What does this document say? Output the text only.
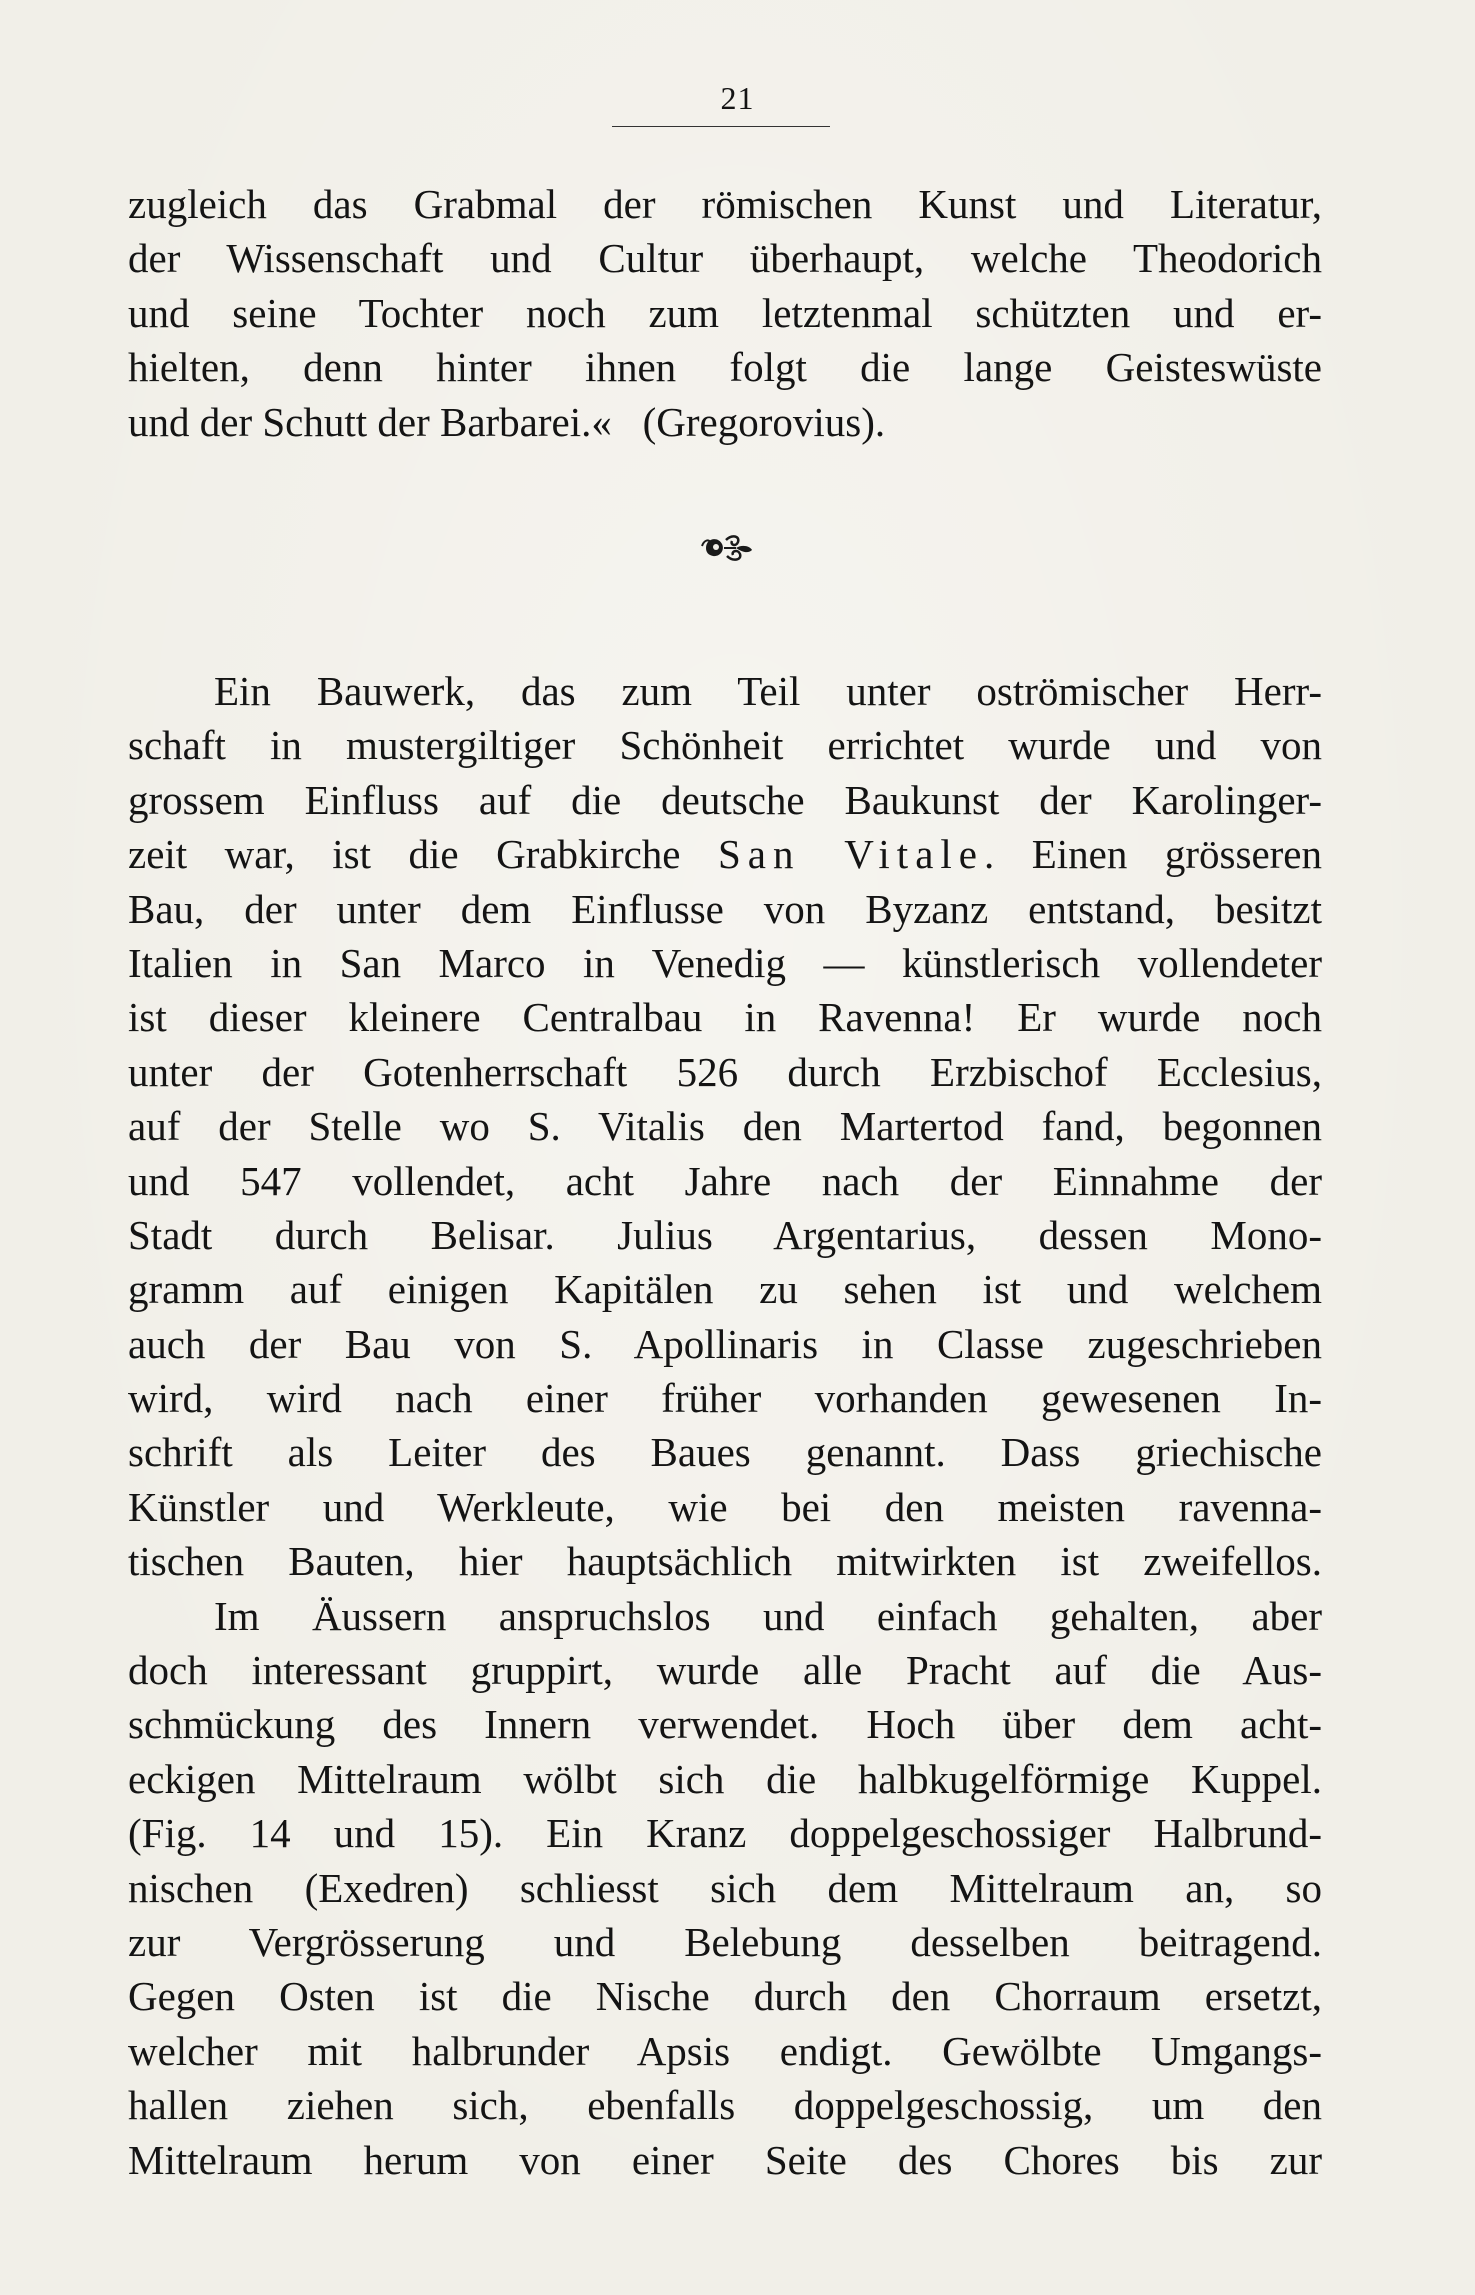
21
zugleich das Grabmal der römischen Kunst und Literatur,
der Wissenschaft und Cultur überhaupt, welche Theodorich
und seine Tochter noch zum letztenmal schützten und er-
hielten, denn hinter ihnen folgt die lange Geisteswüste
und der Schutt der Barbarei.«   (Gregorovius).
Ein Bauwerk, das zum Teil unter oströmischer Herr-
schaft in mustergiltiger Schönheit errichtet wurde und von
grossem Einfluss auf die deutsche Baukunst der Karolinger-
zeit war, ist die Grabkirche San Vitale. Einen grösseren
Bau, der unter dem Einflusse von Byzanz entstand, besitzt
Italien in San Marco in Venedig — künstlerisch vollendeter
ist dieser kleinere Centralbau in Ravenna! Er wurde noch
unter der Gotenherrschaft 526 durch Erzbischof Ecclesius,
auf der Stelle wo S. Vitalis den Martertod fand, begonnen
und 547 vollendet, acht Jahre nach der Einnahme der
Stadt durch Belisar. Julius Argentarius, dessen Mono-
gramm auf einigen Kapitälen zu sehen ist und welchem
auch der Bau von S. Apollinaris in Classe zugeschrieben
wird, wird nach einer früher vorhanden gewesenen In-
schrift als Leiter des Baues genannt. Dass griechische
Künstler und Werkleute, wie bei den meisten ravenna-
tischen Bauten, hier hauptsächlich mitwirkten ist zweifellos.
Im Äussern anspruchslos und einfach gehalten, aber
doch interessant gruppirt, wurde alle Pracht auf die Aus-
schmückung des Innern verwendet. Hoch über dem acht-
eckigen Mittelraum wölbt sich die halbkugelförmige Kuppel.
(Fig. 14 und 15). Ein Kranz doppelgeschossiger Halbrund-
nischen (Exedren) schliesst sich dem Mittelraum an, so
zur Vergrösserung und Belebung desselben beitragend.
Gegen Osten ist die Nische durch den Chorraum ersetzt,
welcher mit halbrunder Apsis endigt. Gewölbte Umgangs-
hallen ziehen sich, ebenfalls doppelgeschossig, um den
Mittelraum herum von einer Seite des Chores bis zur
